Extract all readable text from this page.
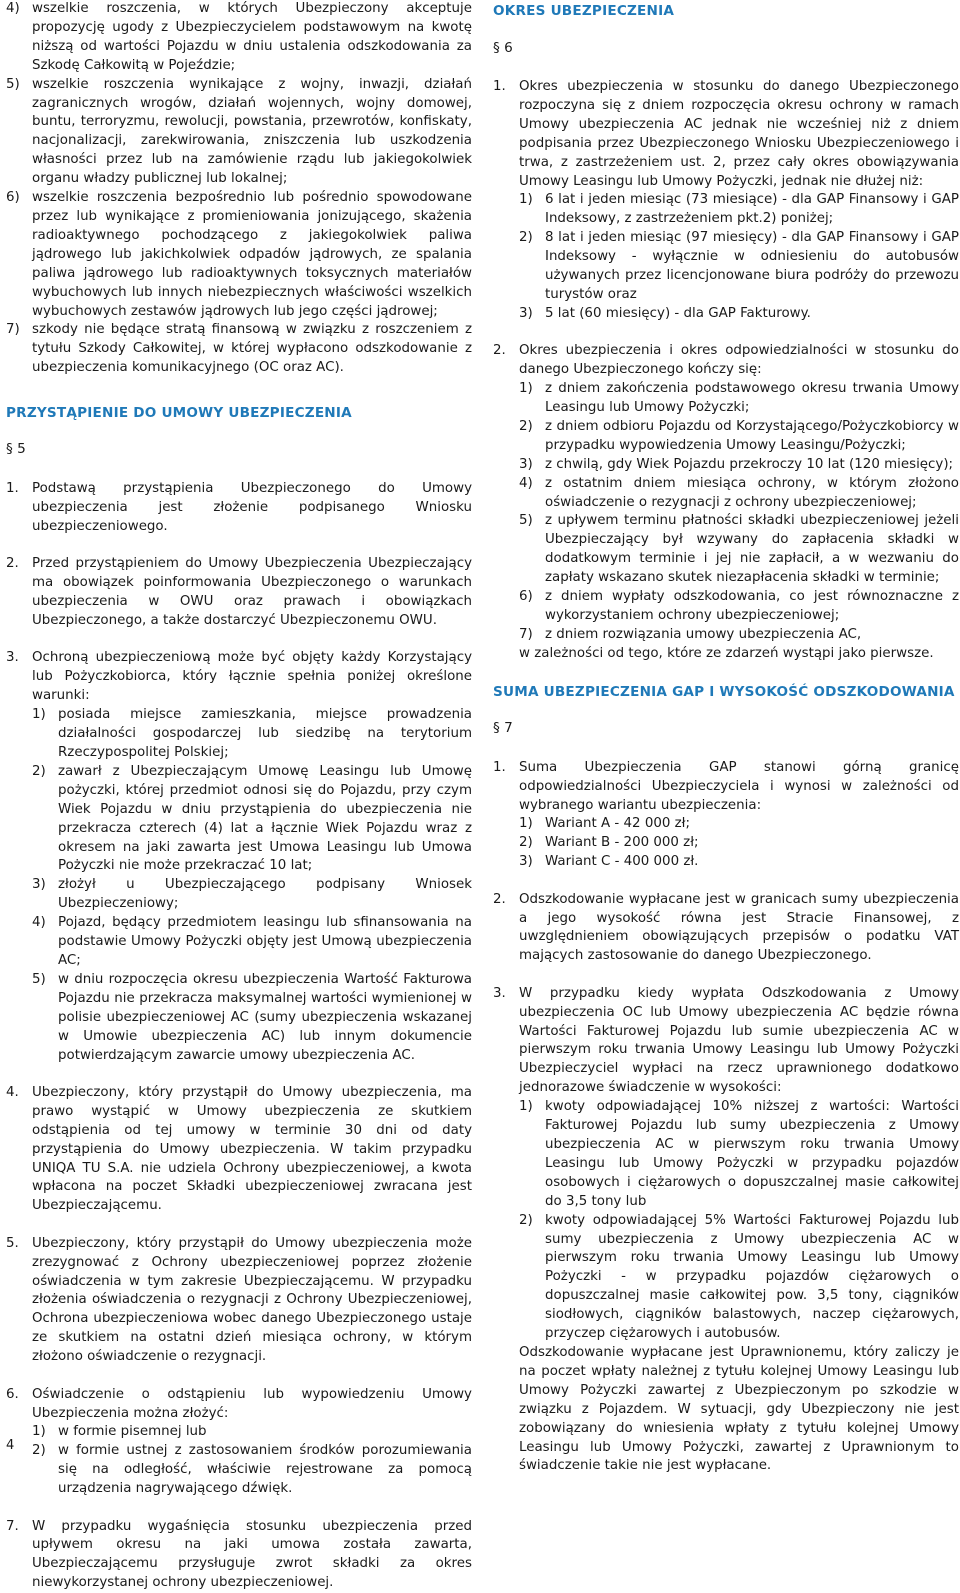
4) wszelkie roszczenia, w których Ubezpieczony akceptuje propozycję ugody z Ubezpieczycielem podstawowym na kwotę niższą od wartości Pojazdu w dniu ustalenia odszkodowania za Szkodę Całkowitą w Pojeździe;

5) wszelkie roszczenia wynikające z wojny, inwazji, działań zagranicznych wrogów, działań wojennych, wojny domowej, buntu, terroryzmu, rewolucji, powstania, przewrotów, konfiskaty, nacjonalizacji, zarekwirowania, zniszczenia lub uszkodzenia własności przez lub na zamówienie rządu lub jakiegokolwiek organu władzy publicznej lub lokalnej;

6) wszelkie roszczenia bezpośrednio lub pośrednio spowodowane przez lub wynikające z promieniowania jonizującego, skażenia radioaktywnego pochodzącego z jakiegokolwiek paliwa jądrowego lub jakichkolwiek odpadów jądrowych, ze spalania paliwa jądrowego lub radioaktywnych toksycznych materiałów wybuchowych lub innych niebezpiecznych właściwości wszelkich wybuchowych zestawów jądrowych lub jego części jądrowej;

7) szkody nie będące stratą finansową w związku z roszczeniem z tytułu Szkody Całkowitej, w której wypłacono odszkodowanie z ubezpieczenia komunikacyjnego (OC oraz AC).

PRZYSTĄPIENIE DO UMOWY UBEZPIECZENIA

§ 5

1. Podstawą przystąpienia Ubezpieczonego do Umowy ubezpieczenia jest złożenie podpisanego Wniosku ubezpieczeniowego.

2. Przed przystąpieniem do Umowy Ubezpieczenia Ubezpieczający ma obowiązek poinformowania Ubezpieczonego o warunkach ubezpieczenia w OWU oraz prawach i obowiązkach Ubezpieczonego, a także dostarczyć Ubezpieczonemu OWU.

3. Ochroną ubezpieczeniową może być objęty każdy Korzystający lub Pożyczkobiorca, który łącznie spełnia poniżej określone warunki:

1) posiada miejsce zamieszkania, miejsce prowadzenia działalności gospodarczej lub siedzibę na terytorium Rzeczypospolitej Polskiej;

2) zawarł z Ubezpieczającym Umowę Leasingu lub Umowę pożyczki, której przedmiot odnosi się do Pojazdu, przy czym Wiek Pojazdu w dniu przystąpienia do ubezpieczenia nie przekracza czterech (4) lat a łącznie Wiek Pojazdu wraz z okresem na jaki zawarta jest Umowa Leasingu lub Umowa Pożyczki nie może przekraczać 10 lat;

3) złożył u Ubezpieczającego podpisany Wniosek Ubezpieczeniowy;

4) Pojazd, będący przedmiotem leasingu lub sfinansowania na podstawie Umowy Pożyczki objęty jest Umową ubezpieczenia AC;

5) w dniu rozpoczęcia okresu ubezpieczenia Wartość Fakturowa Pojazdu nie przekracza maksymalnej wartości wymienionej w polisie ubezpieczeniowej AC (sumy ubezpieczenia wskazanej w Umowie ubezpieczenia AC) lub innym dokumencie potwierdzającym zawarcie umowy ubezpieczenia AC.

4. Ubezpieczony, który przystąpił do Umowy ubezpieczenia, ma prawo wystąpić w Umowy ubezpieczenia ze skutkiem odstąpienia od tej umowy w terminie 30 dni od daty przystąpienia do Umowy ubezpieczenia. W takim przypadku UNIQA TU S.A. nie udziela Ochrony ubezpieczeniowej, a kwota wpłacona na poczet Składki ubezpieczeniowej zwracana jest Ubezpieczającemu.

5. Ubezpieczony, który przystąpił do Umowy ubezpieczenia może zrezygnować z Ochrony ubezpieczeniowej poprzez złożenie oświadczenia w tym zakresie Ubezpieczającemu. W przypadku złożenia oświadczenia o rezygnacji z Ochrony Ubezpieczeniowej, Ochrona ubezpieczeniowa wobec danego Ubezpieczonego ustaje ze skutkiem na ostatni dzień miesiąca ochrony, w którym złożono oświadczenie o rezygnacji.

6. Oświadczenie o odstąpieniu lub wypowiedzeniu Umowy Ubezpieczenia można złożyć:

1) w formie pisemnej lub

2) w formie ustnej z zastosowaniem środków porozumiewania się na odległość, właściwie rejestrowane za pomocą urządzenia nagrywającego dźwięk.

7. W przypadku wygaśnięcia stosunku ubezpieczenia przed upływem okresu na jaki umowa została zawarta, Ubezpieczającemu przysługuje zwrot składki za okres niewykorzystanej ochrony ubezpieczeniowej.

OKRES UBEZPIECZENIA

§ 6

1. Okres ubezpieczenia w stosunku do danego Ubezpieczonego rozpoczyna się z dniem rozpoczęcia okresu ochrony w ramach Umowy ubezpieczenia AC jednak nie wcześniej niż z dniem podpisania przez Ubezpieczonego Wniosku Ubezpieczeniowego i trwa, z zastrzeżeniem ust. 2, przez cały okres obowiązywania Umowy Leasingu lub Umowy Pożyczki, jednak nie dłużej niż:

1) 6 lat i jeden miesiąc (73 miesiące) - dla GAP Finansowy i GAP Indeksowy, z zastrzeżeniem pkt.2) poniżej;

2) 8 lat i jeden miesiąc (97 miesięcy) - dla GAP Finansowy i GAP Indeksowy - wyłącznie w odniesieniu do autobusów używanych przez licencjonowane biura podróży do przewozu turystów oraz

3) 5 lat (60 miesięcy) - dla GAP Fakturowy.

2. Okres ubezpieczenia i okres odpowiedzialności w stosunku do danego Ubezpieczonego kończy się:

1) z dniem zakończenia podstawowego okresu trwania Umowy Leasingu lub Umowy Pożyczki;

2) z dniem odbioru Pojazdu od Korzystającego/Pożyczkobiorcy w przypadku wypowiedzenia Umowy Leasingu/Pożyczki;

3) z chwilą, gdy Wiek Pojazdu przekroczy 10 lat (120 miesięcy);

4) z ostatnim dniem miesiąca ochrony, w którym złożono oświadczenie o rezygnacji z ochrony ubezpieczeniowej;

5) z upływem terminu płatności składki ubezpieczeniowej jeżeli Ubezpieczający był wzywany do zapłacenia składki w dodatkowym terminie i jej nie zapłacił, a w wezwaniu do zapłaty wskazano skutek niezapłacenia składki w terminie;

6) z dniem wypłaty odszkodowania, co jest równoznaczne z wykorzystaniem ochrony ubezpieczeniowej;

7) z dniem rozwiązania umowy ubezpieczenia AC,

w zależności od tego, które ze zdarzeń wystąpi jako pierwsze.

SUMA UBEZPIECZENIA GAP I WYSOKOŚĆ ODSZKODOWANIA

§ 7

1. Suma Ubezpieczenia GAP stanowi górną granicę odpowiedzialności Ubezpieczyciela i wynosi w zależności od wybranego wariantu ubezpieczenia:

1) Wariant A - 42 000 zł;

2) Wariant B - 200 000 zł;

3) Wariant C - 400 000 zł.

2. Odszkodowanie wypłacane jest w granicach sumy ubezpieczenia a jego wysokość równa jest Stracie Finansowej, z uwzględnieniem obowiązujących przepisów o podatku VAT mających zastosowanie do danego Ubezpieczonego.

3. W przypadku kiedy wypłata Odszkodowania z Umowy ubezpieczenia OC lub Umowy ubezpieczenia AC będzie równa Wartości Fakturowej Pojazdu lub sumie ubezpieczenia AC w pierwszym roku trwania Umowy Leasingu lub Umowy Pożyczki Ubezpieczyciel wypłaci na rzecz uprawnionego dodatkowo jednorazowe świadczenie w wysokości:

1) kwoty odpowiadającej 10% niższej z wartości: Wartości Fakturowej Pojazdu lub sumy ubezpieczenia z Umowy ubezpieczenia AC w pierwszym roku trwania Umowy Leasingu lub Umowy Pożyczki w przypadku pojazdów osobowych i ciężarowych o dopuszczalnej masie całkowitej do 3,5 tony lub

2) kwoty odpowiadającej 5% Wartości Fakturowej Pojazdu lub sumy ubezpieczenia z Umowy ubezpieczenia AC w pierwszym roku trwania Umowy Leasingu lub Umowy Pożyczki - w przypadku pojazdów ciężarowych o dopuszczalnej masie całkowitej pow. 3,5 tony, ciągników siodłowych, ciągników balastowych, naczep ciężarowych, przyczep ciężarowych i autobusów.

Odszkodowanie wypłacane jest Uprawnionemu, który zaliczy je na poczet wpłaty należnej z tytułu kolejnej Umowy Leasingu lub Umowy Pożyczki zawartej z Ubezpieczonym po szkodzie w związku z Pojazdem. W sytuacji, gdy Ubezpieczony nie jest zobowiązany do wniesienia wpłaty z tytułu kolejnej Umowy Leasingu lub Umowy Pożyczki, zawartej z Uprawnionym to świadczenie takie nie jest wypłacane.

4
